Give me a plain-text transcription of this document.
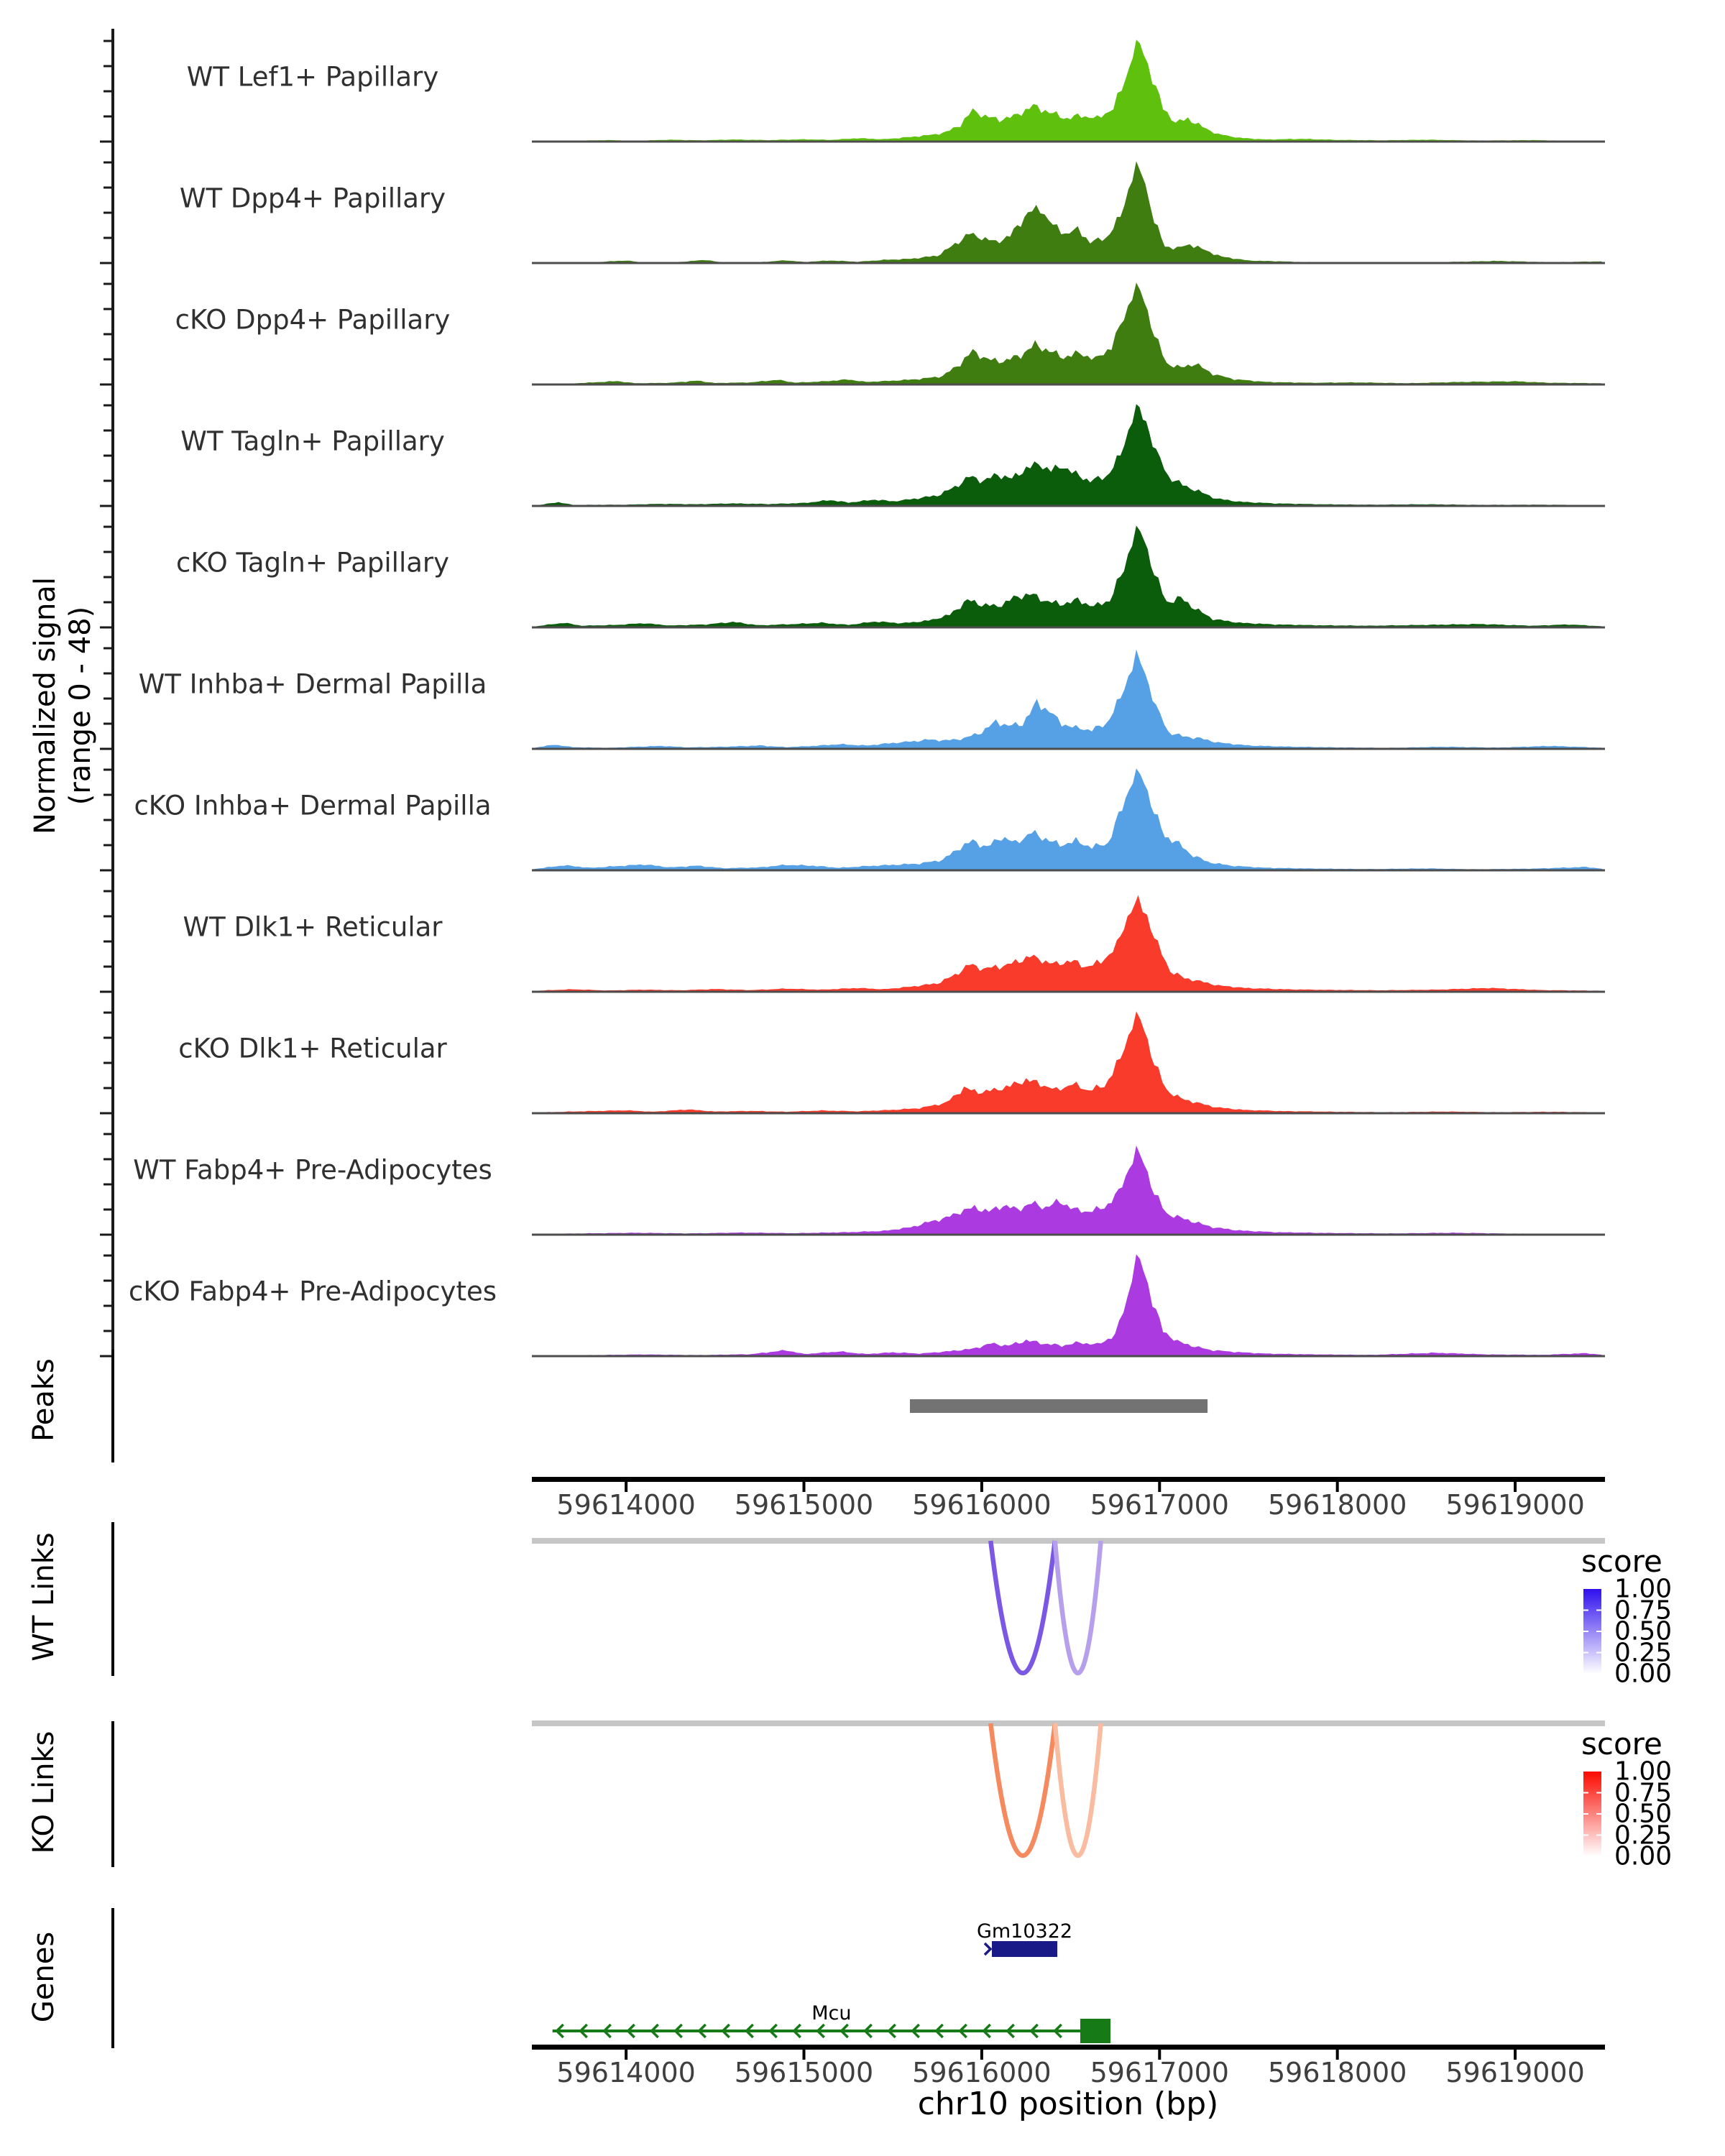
Normalized signal (range 0 - 48)
Peaks
WT Links
KO Links
Genes
score
score
chr10 position (bp)
WT Lef1+ Papillary
WT Dpp4+ Papillary
cKO Dpp4+ Papillary
WT Tagln+ Papillary
cKO Tagln+ Papillary
WT Inhba+ Dermal Papilla
cKO Inhba+ Dermal Papilla
WT Dlk1+ Reticular
cKO Dlk1+ Reticular
WT Fabp4+ Pre-Adipocytes
cKO Fabp4+ Pre-Adipocytes
59614000 59615000 59616000 59617000 59618000 59619000
59614000 59615000 59616000 59617000 59618000 59619000
1.00
0.75
0.50
0.25
0.00
1.00
0.75
0.50
0.25
0.00
Gm10322
Mcu
